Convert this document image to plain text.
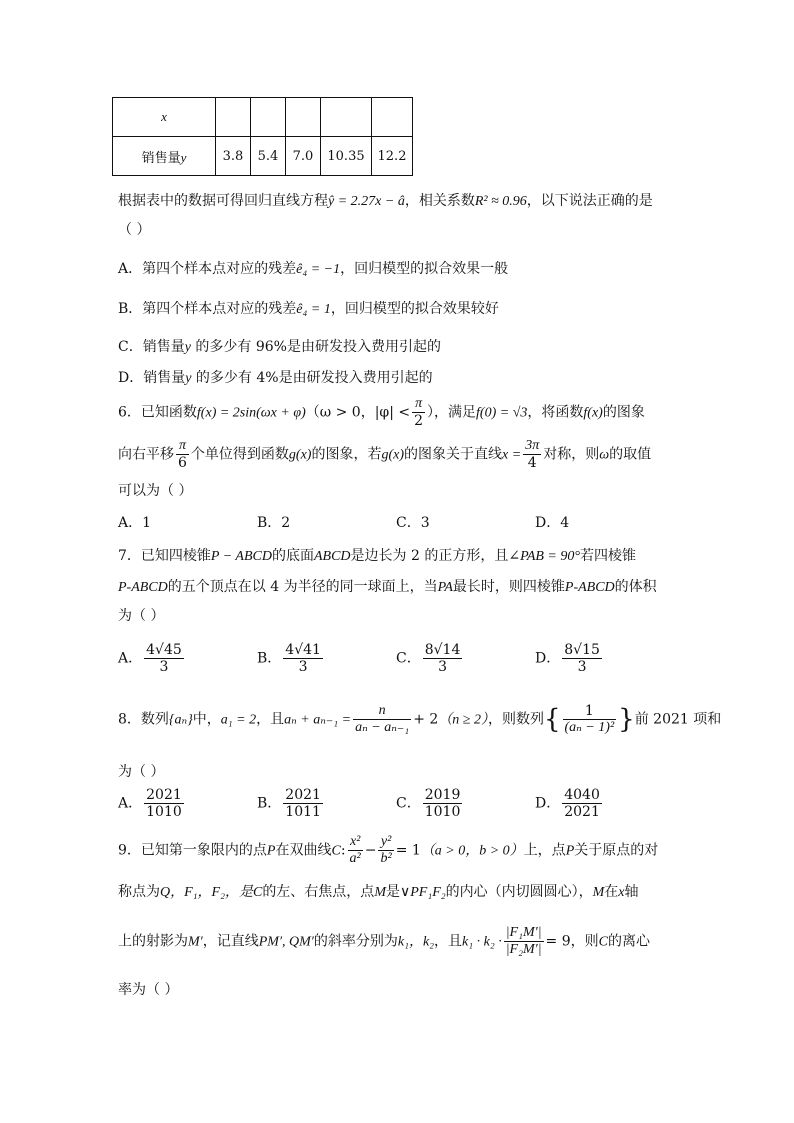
x					
销售量y	3.8	5.4	7.0	10.35	12.2
根据表中的数据可得回归直线方程ŷ = 2.27x − â，相关系数R² ≈ 0.96，以下说法正确的是
（ ）
A．第四个样本点对应的残差ê₄ = −1，回归模型的拟合效果一般
B．第四个样本点对应的残差ê₄ = 1，回归模型的拟合效果较好
C．销售量y 的多少有 96%是由研发投入费用引起的
D．销售量y 的多少有 4%是由研发投入费用引起的
6．已知函数f(x) = 2sin(ωx + φ)（ω > 0，$|\varphi| < \frac{\pi}{2}$ ），满足f(0) = √3，将函数f(x)的图象
向右平移 $\frac{\pi}{6}$ 个单位得到函数g(x)的图象，若g(x)的图象关于直线$x = \frac{3\pi}{4}$ 对称，则ω的取值
可以为（ ）
A．1	B．2	C．3	D．4
7．已知四棱锥P − ABCD的底面ABCD是边长为 2 的正方形，且∠PAB = 90°若四棱锥
P-ABCD的五个顶点在以 4 为半径的同一球面上，当PA最长时，则四棱锥P-ABCD的体积
为（ ）
A． $\frac{4√45}{3}$	B． $\frac{4√41}{3}$	C． $\frac{8√14}{3}$	D． $\frac{8√15}{3}$
8．数列{aₙ}中，a₁ = 2，且$a_n + a_{n-1} = \frac{n}{\text{aₙ − aₙ₋₁}} + 2(n \ge 2)$，则数列{ $\frac{1}{\text{(aₙ − 1)²}}$ }前 2021 项和
为（ ）
A． $\frac{2021}{1010}$	B． $\frac{2021}{1011}$	C． $\frac{2019}{1010}$	D． $\frac{4040}{2021}$
9．已知第一象限内的点P在双曲线C: $\frac{\text{x²}}{\text{a²}} - \frac{\text{y²}}{\text{b²}} = 1(a > 0$，b > 0）上，点P关于原点的对
称点为Q，F₁，F₂，是C的左、右焦点，点M是∨PF₁F₂的内心（内切圆圆心），M在x轴
上的射影为M′，记直线PM′, QM′的斜率分别为k₁，k₂，且$k_1 \cdot k_2 \cdot \frac{\text{|F₁M′|}}{\text{|F₂M′|}} = 9$，则C的离心
率为（ ）
